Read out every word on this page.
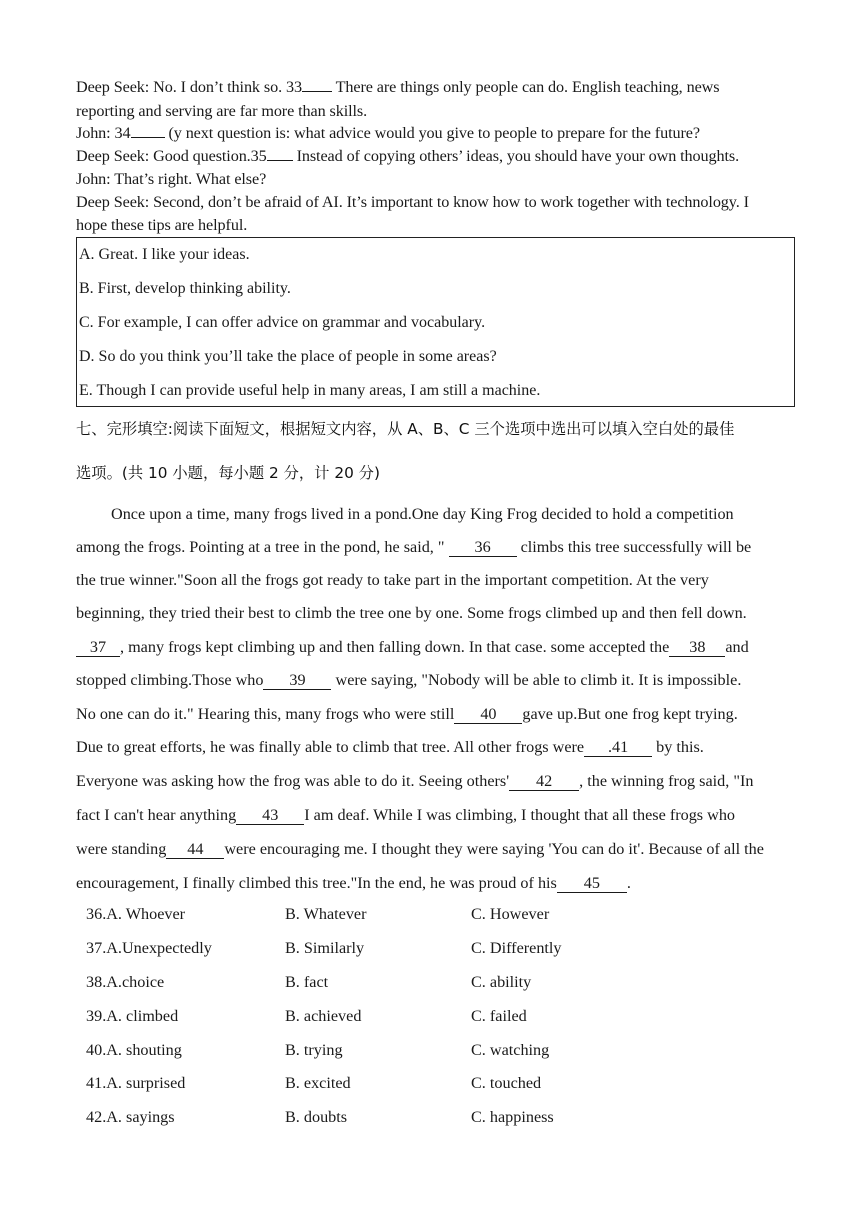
Deep Seek: No. I don’t think so. 33 There are things only people can do. English teaching, news
reporting and serving are far more than skills.
John: 34 (y next question is: what advice would you give to people to prepare for the future?
Deep Seek: Good question.35 Instead of copying others’ ideas, you should have your own thoughts.
John: That’s right. What else?
Deep Seek: Second, don’t be afraid of AI. It’s important to know how to work together with technology. I
hope these tips are helpful.
A. Great. I like your ideas.
B. First, develop thinking ability.
C. For example, I can offer advice on grammar and vocabulary.
D. So do you think you’ll take the place of people in some areas?
E. Though I can provide useful help in many areas, I am still a machine.
七、完形填空:阅读下面短文，根据短文内容，从 A、B、C 三个选项中选出可以填入空白处的最佳
选项。(共 10 小题，每小题 2 分，计 20 分)
Once upon a time, many frogs lived in a pond.One day King Frog decided to hold a competition
among the frogs. Pointing at a tree in the pond, he said, " 36 climbs this tree successfully will be
the true winner."Soon all the frogs got ready to take part in the important competition. At the very
beginning, they tried their best to climb the tree one by one. Some frogs climbed up and then fell down.
37 , many frogs kept climbing up and then falling down. In that case. some accepted the 38 and
stopped climbing.Those who 39 were saying, "Nobody will be able to climb it. It is impossible.
No one can do it." Hearing this, many frogs who were still 40 gave up.But one frog kept trying.
Due to great efforts, he was finally able to climb that tree. All other frogs were .41 by this.
Everyone was asking how the frog was able to do it. Seeing others' 42 , the winning frog said, "In
fact I can't hear anything 43 I am deaf. While I was climbing, I thought that all these frogs who
were standing 44 were encouraging me. I thought they were saying 'You can do it'. Because of all the
encouragement, I finally climbed this tree."In the end, he was proud of his 45 .
36.A. Whoever	B. Whatever	C. However
37.A.Unexpectedly	B. Similarly	C. Differently
38.A.choice	B. fact	C. ability
39.A. climbed	B. achieved	C. failed
40.A. shouting	B. trying	C. watching
41.A. surprised	B. excited	C. touched
42.A. sayings	B. doubts	C. happiness
